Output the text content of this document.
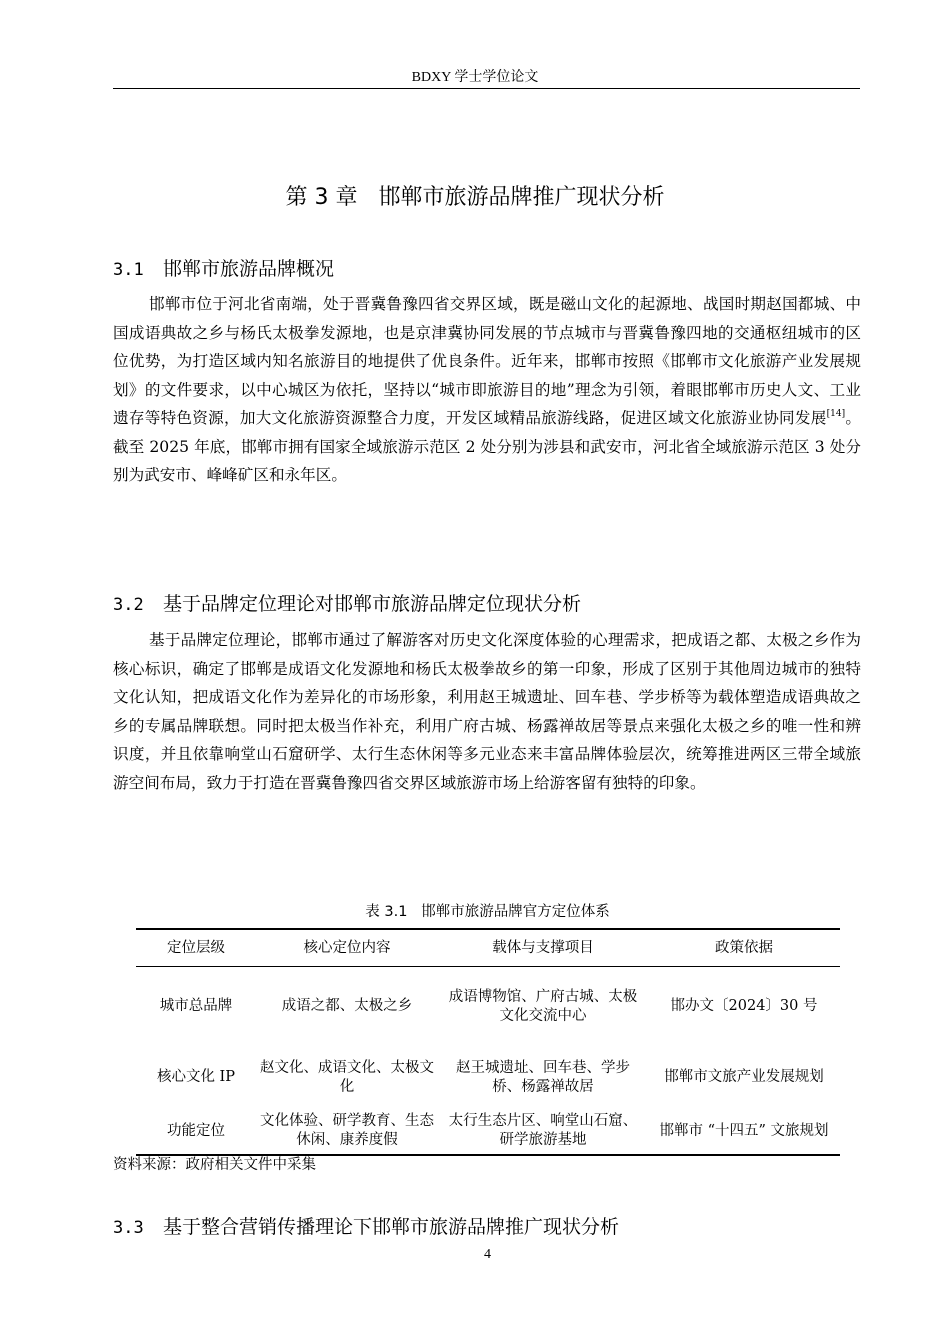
BDXY 学士学位论文
第 3 章   邯郸市旅游品牌推广现状分析
3.1 邯郸市旅游品牌概况

邯郸市位于河北省南端，处于晋冀鲁豫四省交界区域，既是磁山文化的起源地、战国时期赵国都城、中国成语典故之乡与杨氏太极拳发源地，也是京津冀协同发展的节点城市与晋冀鲁豫四地的交通枢纽城市的区位优势，为打造区域内知名旅游目的地提供了优良条件。近年来，邯郸市按照《邯郸市文化旅游产业发展规划》的文件要求，以中心城区为依托，坚持以“城市即旅游目的地”理念为引领，着眼邯郸市历史人文、工业遗存等特色资源，加大文化旅游资源整合力度，开发区域精品旅游线路，促进区域文化旅游业协同发展[14]。截至 2025 年底，邯郸市拥有国家全域旅游示范区 2 处分别为涉县和武安市，河北省全域旅游示范区 3 处分别为武安市、峰峰矿区和永年区。

3.2 基于品牌定位理论对邯郸市旅游品牌定位现状分析

基于品牌定位理论，邯郸市通过了解游客对历史文化深度体验的心理需求，把成语之都、太极之乡作为核心标识，确定了邯郸是成语文化发源地和杨氏太极拳故乡的第一印象，形成了区别于其他周边城市的独特文化认知，把成语文化作为差异化的市场形象，利用赵王城遗址、回车巷、学步桥等为载体塑造成语典故之乡的专属品牌联想。同时把太极当作补充，利用广府古城、杨露禅故居等景点来强化太极之乡的唯一性和辨识度，并且依靠响堂山石窟研学、太行生态休闲等多元业态来丰富品牌体验层次，统筹推进两区三带全域旅游空间布局，致力于打造在晋冀鲁豫四省交界区域旅游市场上给游客留有独特的印象。

表 3.1   邯郸市旅游品牌官方定位体系
定位层级	核心定位内容	载体与支撑项目	政策依据
城市总品牌	成语之都、太极之乡	成语博物馆、广府古城、太极文化交流中心	邯办文〔2024〕30 号
核心文化 IP	赵文化、成语文化、太极文化	赵王城遗址、回车巷、学步桥、杨露禅故居	邯郸市文旅产业发展规划
功能定位	文化体验、研学教育、生态休闲、康养度假	太行生态片区、响堂山石窟、研学旅游基地	邯郸市 “十四五” 文旅规划
资料来源：政府相关文件中采集
3.3 基于整合营销传播理论下邯郸市旅游品牌推广现状分析
4
